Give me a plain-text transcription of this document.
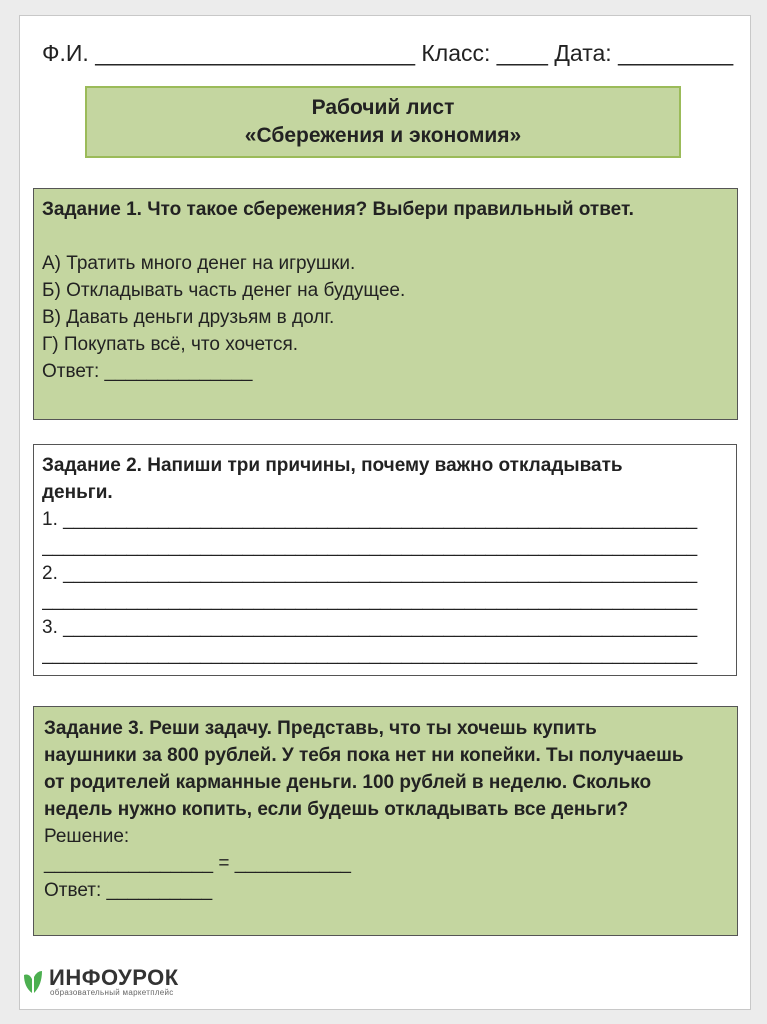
Ф.И. _________________________ Класс: ____ Дата: _________
Рабочий лист
«Сбережения и экономия»
Задание 1. Что такое сбережения? Выбери правильный ответ.
А) Тратить много денег на игрушки.
Б) Откладывать часть денег на будущее.
В) Давать деньги друзьям в долг.
Г) Покупать всё, что хочется.
Ответ: ______________
Задание 2. Напиши три причины, почему важно откладывать
деньги.
1. ____________________________________________________________
______________________________________________________________
2. ____________________________________________________________
______________________________________________________________
3. ____________________________________________________________
______________________________________________________________
Задание 3. Реши задачу. Представь, что ты хочешь купить
наушники за 800 рублей. У тебя пока нет ни копейки. Ты получаешь
от родителей карманные деньги. 100 рублей в неделю. Сколько
недель нужно копить, если будешь откладывать все деньги?
Решение:
________________ = ___________
Ответ: __________
ИНФОУРОК
образовательный маркетплейс
